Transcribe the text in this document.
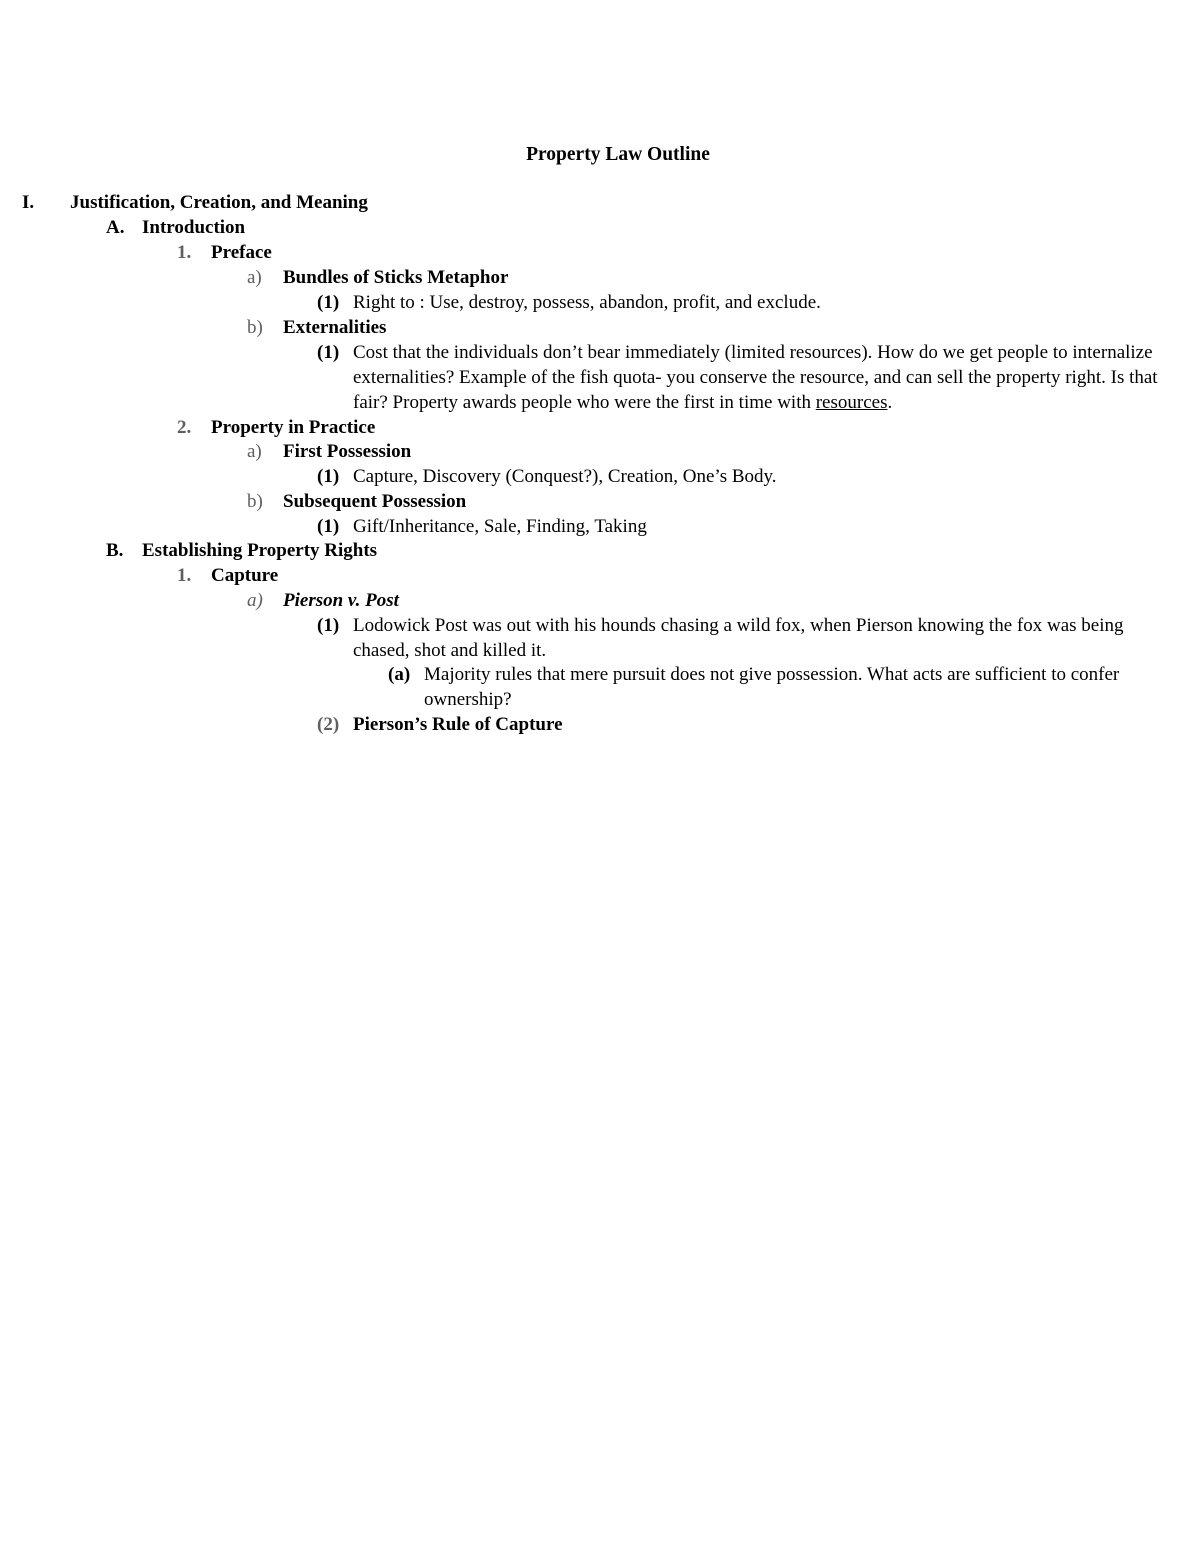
Property Law Outline
I. Justification, Creation, and Meaning
A. Introduction
1. Preface
a) Bundles of Sticks Metaphor
(1) Right to : Use, destroy, possess, abandon, profit, and exclude.
b) Externalities
(1) Cost that the individuals don’t bear immediately (limited resources). How do we get people to internalize externalities? Example of the fish quota- you conserve the resource, and can sell the property right. Is that fair? Property awards people who were the first in time with resources.
2. Property in Practice
a) First Possession
(1) Capture, Discovery (Conquest?), Creation, One’s Body.
b) Subsequent Possession
(1) Gift/Inheritance, Sale, Finding, Taking
B. Establishing Property Rights
1. Capture
a) Pierson v. Post
(1) Lodowick Post was out with his hounds chasing a wild fox, when Pierson knowing the fox was being chased, shot and killed it.
(a) Majority rules that mere pursuit does not give possession. What acts are sufficient to confer ownership?
(2) Pierson’s Rule of Capture
